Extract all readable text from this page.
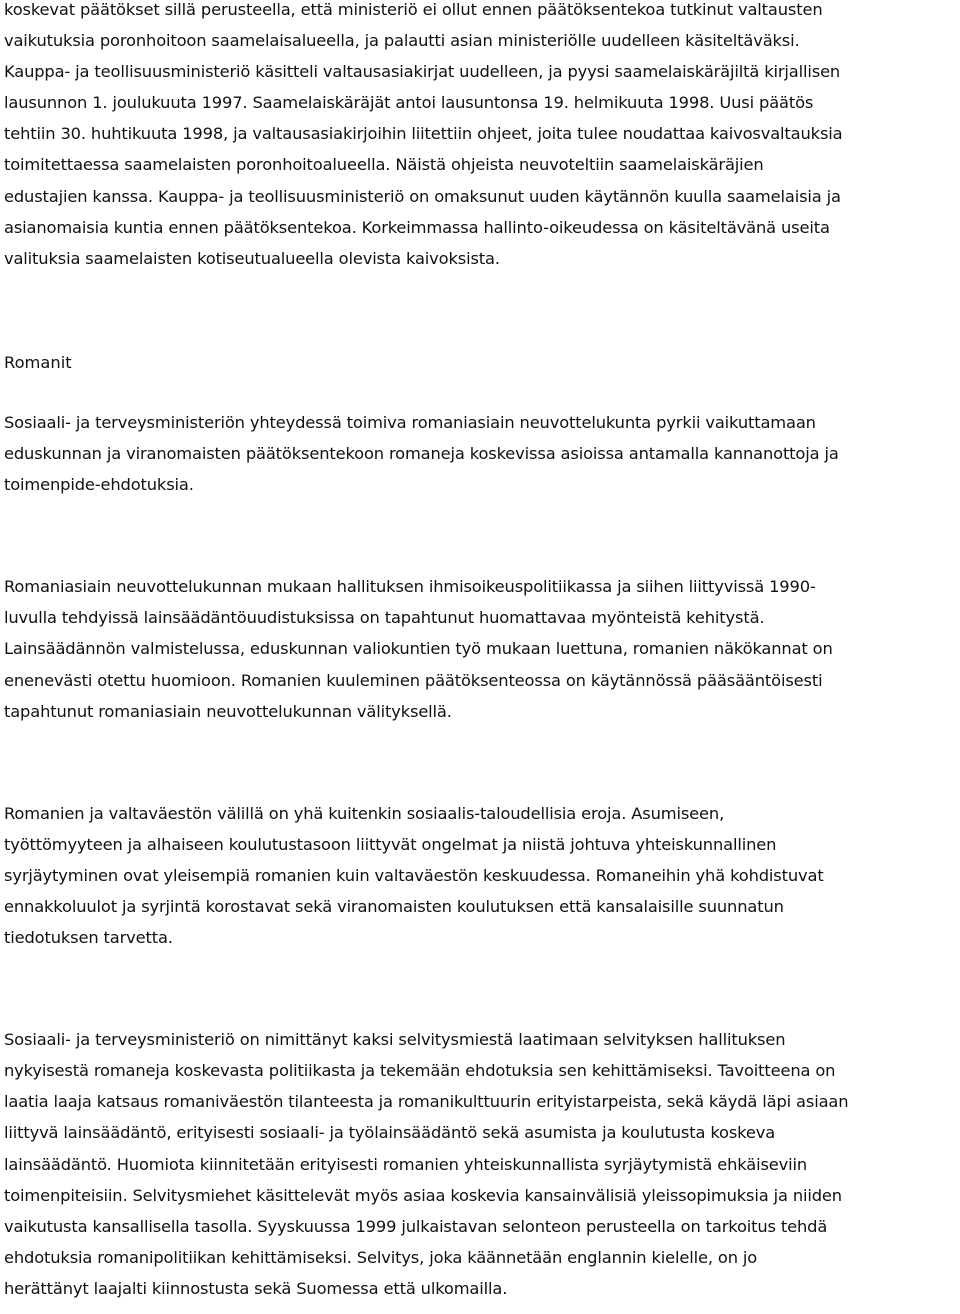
koskevat päätökset sillä perusteella, että ministeriö ei ollut ennen päätöksentekoa tutkinut valtausten
vaikutuksia poronhoitoon saamelaisalueella, ja palautti asian ministeriölle uudelleen käsiteltäväksi.
Kauppa- ja teollisuusministeriö käsitteli valtausasiakirjat uudelleen, ja pyysi saamelaiskäräjiltä kirjallisen
lausunnon 1. joulukuuta 1997. Saamelaiskäräjät antoi lausuntonsa 19. helmikuuta 1998. Uusi päätös
tehtiin 30. huhtikuuta 1998, ja valtausasiakirjoihin liitettiin ohjeet, joita tulee noudattaa kaivosvaltauksia
toimitettaessa saamelaisten poronhoitoalueella. Näistä ohjeista neuvoteltiin saamelaiskäräjien
edustajien kanssa. Kauppa- ja teollisuusministeriö on omaksunut uuden käytännön kuulla saamelaisia ja
asianomaisia kuntia ennen päätöksentekoa. Korkeimmassa hallinto-oikeudessa on käsiteltävänä useita
valituksia saamelaisten kotiseutualueella olevista kaivoksista.

Romanit

Sosiaali- ja terveysministeriön yhteydessä toimiva romaniasiain neuvottelukunta pyrkii vaikuttamaan
eduskunnan ja viranomaisten päätöksentekoon romaneja koskevissa asioissa antamalla kannanottoja ja
toimenpide-ehdotuksia.

Romaniasiain neuvottelukunnan mukaan hallituksen ihmisoikeuspolitiikassa ja siihen liittyvissä 1990-
luvulla tehdyissä lainsäädäntöuudistuksissa on tapahtunut huomattavaa myönteistä kehitystä.
Lainsäädännön valmistelussa, eduskunnan valiokuntien työ mukaan luettuna, romanien näkökannat on
enenevästi otettu huomioon. Romanien kuuleminen päätöksenteossa on käytännössä pääsääntöisesti
tapahtunut romaniasiain neuvottelukunnan välityksellä.

Romanien ja valtaväestön välillä on yhä kuitenkin sosiaalis-taloudellisia eroja. Asumiseen,
työttömyyteen ja alhaiseen koulutustasoon liittyvät ongelmat ja niistä johtuva yhteiskunnallinen
syrjäytyminen ovat yleisempiä romanien kuin valtaväestön keskuudessa. Romaneihin yhä kohdistuvat
ennakkoluulot ja syrjintä korostavat sekä viranomaisten koulutuksen että kansalaisille suunnatun
tiedotuksen tarvetta.

Sosiaali- ja terveysministeriö on nimittänyt kaksi selvitysmiestä laatimaan selvityksen hallituksen
nykyisestä romaneja koskevasta politiikasta ja tekemään ehdotuksia sen kehittämiseksi. Tavoitteena on
laatia laaja katsaus romaniväestön tilanteesta ja romanikulttuurin erityistarpeista, sekä käydä läpi asiaan
liittyvä lainsäädäntö, erityisesti sosiaali- ja työlainsäädäntö sekä asumista ja koulutusta koskeva
lainsäädäntö. Huomiota kiinnitetään erityisesti romanien yhteiskunnallista syrjäytymistä ehkäiseviin
toimenpiteisiin. Selvitysmiehet käsittelevät myös asiaa koskevia kansainvälisiä yleissopimuksia ja niiden
vaikutusta kansallisella tasolla. Syyskuussa 1999 julkaistavan selonteon perusteella on tarkoitus tehdä
ehdotuksia romanipolitiikan kehittämiseksi. Selvitys, joka käännetään englannin kielelle, on jo
herättänyt laajalti kiinnostusta sekä Suomessa että ulkomailla.
